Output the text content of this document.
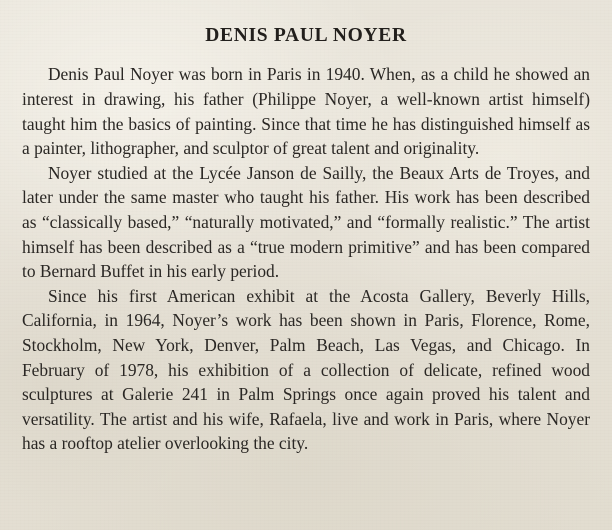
DENIS PAUL NOYER

Denis Paul Noyer was born in Paris in 1940. When, as a child he showed an interest in drawing, his father (Philippe Noyer, a well-known artist himself) taught him the basics of painting. Since that time he has distinguished himself as a painter, lithographer, and sculptor of great talent and originality.

Noyer studied at the Lycée Janson de Sailly, the Beaux Arts de Troyes, and later under the same master who taught his father. His work has been described as “classically based,” “naturally motivated,” and “formally realistic.” The artist himself has been described as a “true modern primitive” and has been compared to Bernard Buffet in his early period.

Since his first American exhibit at the Acosta Gallery, Beverly Hills, California, in 1964, Noyer’s work has been shown in Paris, Florence, Rome, Stockholm, New York, Denver, Palm Beach, Las Vegas, and Chicago. In February of 1978, his exhibition of a collection of delicate, refined wood sculptures at Galerie 241 in Palm Springs once again proved his talent and versatility. The artist and his wife, Rafaela, live and work in Paris, where Noyer has a rooftop atelier overlooking the city.
